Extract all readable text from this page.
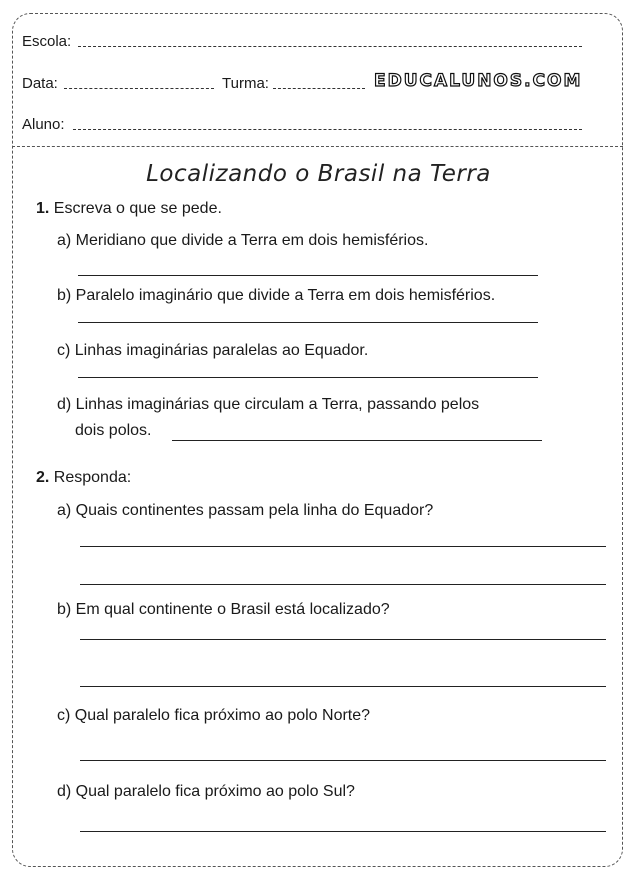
Escola:
Data:	Turma:	EDUCALUNOS.COM
Aluno:
Localizando o Brasil na Terra
1. Escreva o que se pede.
a) Meridiano que divide a Terra em dois hemisférios.
b) Paralelo imaginário que divide a Terra em dois hemisférios.
c) Linhas imaginárias paralelas ao Equador.
d) Linhas imaginárias que circulam a Terra, passando pelos
dois polos.
2. Responda:
a) Quais continentes passam pela linha do Equador?
b) Em qual continente o Brasil está localizado?
c) Qual paralelo fica próximo ao polo Norte?
d) Qual paralelo fica próximo ao polo Sul?
